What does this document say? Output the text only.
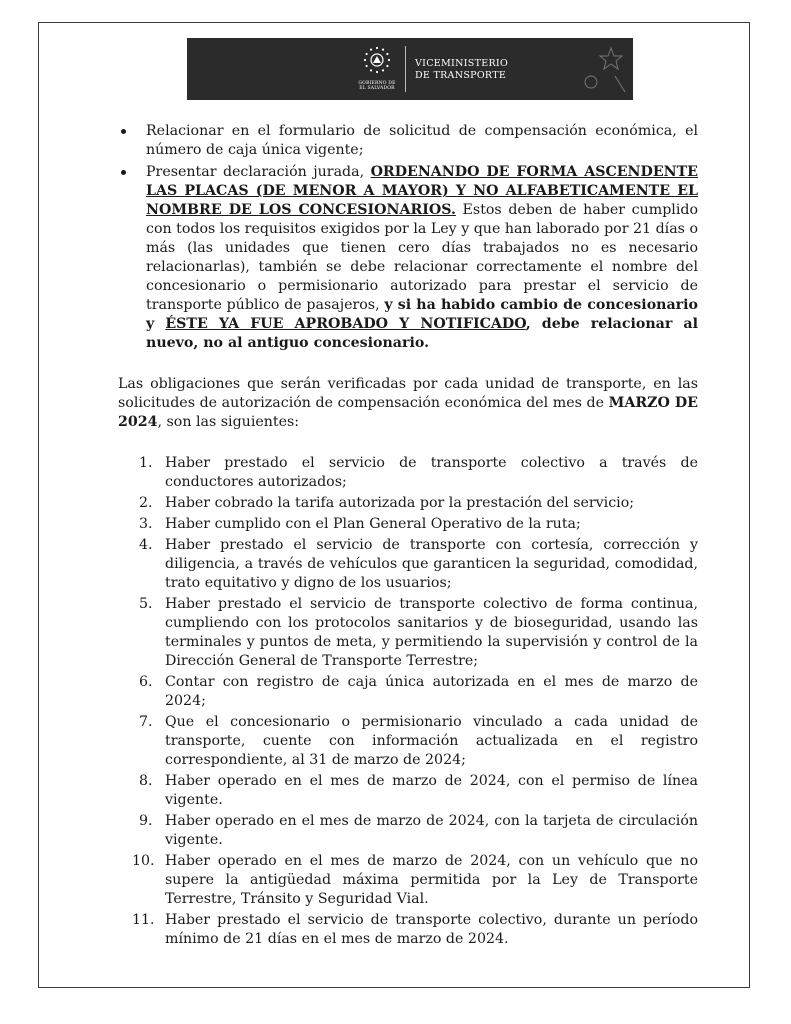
GOBIERNO DE
EL SALVADOR
VICEMINISTERIO
DE TRANSPORTE
Relacionar en el formulario de solicitud de compensación económica, el número de caja única vigente;
Presentar declaración jurada, ORDENANDO DE FORMA ASCENDENTE LAS PLACAS (DE MENOR A MAYOR) Y NO ALFABETICAMENTE EL NOMBRE DE LOS CONCESIONARIOS. Estos deben de haber cumplido con todos los requisitos exigidos por la Ley y que han laborado por 21 días o más (las unidades que tienen cero días trabajados no es necesario relacionarlas), también se debe relacionar correctamente el nombre del concesionario o permisionario autorizado para prestar el servicio de transporte público de pasajeros, y si ha habido cambio de concesionario y ÉSTE YA FUE APROBADO Y NOTIFICADO, debe relacionar al nuevo, no al antiguo concesionario.

Las obligaciones que serán verificadas por cada unidad de transporte, en las solicitudes de autorización de compensación económica del mes de MARZO DE 2024, son las siguientes:

1. Haber prestado el servicio de transporte colectivo a través de conductores autorizados;
2. Haber cobrado la tarifa autorizada por la prestación del servicio;
3. Haber cumplido con el Plan General Operativo de la ruta;
4. Haber prestado el servicio de transporte con cortesía, corrección y diligencia, a través de vehículos que garanticen la seguridad, comodidad, trato equitativo y digno de los usuarios;
5. Haber prestado el servicio de transporte colectivo de forma continua, cumpliendo con los protocolos sanitarios y de bioseguridad, usando las terminales y puntos de meta, y permitiendo la supervisión y control de la Dirección General de Transporte Terrestre;
6. Contar con registro de caja única autorizada en el mes de marzo de 2024;
7. Que el concesionario o permisionario vinculado a cada unidad de transporte, cuente con información actualizada en el registro correspondiente, al 31 de marzo de 2024;
8. Haber operado en el mes de marzo de 2024, con el permiso de línea vigente.
9. Haber operado en el mes de marzo de 2024, con la tarjeta de circulación vigente.
10. Haber operado en el mes de marzo de 2024, con un vehículo que no supere la antigüedad máxima permitida por la Ley de Transporte Terrestre, Tránsito y Seguridad Vial.
11. Haber prestado el servicio de transporte colectivo, durante un período mínimo de 21 días en el mes de marzo de 2024.
